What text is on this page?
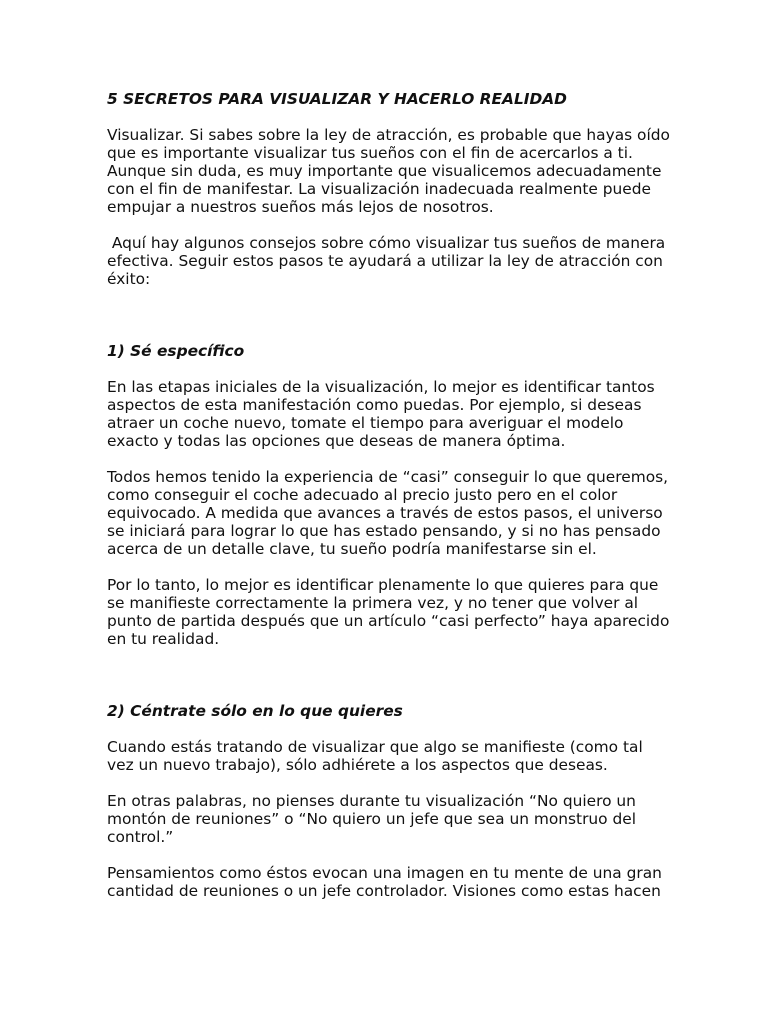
5 SECRETOS PARA VISUALIZAR Y HACERLO REALIDAD

Visualizar. Si sabes sobre la ley de atracción, es probable que hayas oído
que es importante visualizar tus sueños con el fin de acercarlos a ti.
Aunque sin duda, es muy importante que visualicemos adecuadamente
con el fin de manifestar. La visualización inadecuada realmente puede
empujar a nuestros sueños más lejos de nosotros.

Aquí hay algunos consejos sobre cómo visualizar tus sueños de manera
efectiva. Seguir estos pasos te ayudará a utilizar la ley de atracción con
éxito:

1) Sé específico

En las etapas iniciales de la visualización, lo mejor es identificar tantos
aspectos de esta manifestación como puedas. Por ejemplo, si deseas
atraer un coche nuevo, tomate el tiempo para averiguar el modelo
exacto y todas las opciones que deseas de manera óptima.

Todos hemos tenido la experiencia de “casi” conseguir lo que queremos,
como conseguir el coche adecuado al precio justo pero en el color
equivocado. A medida que avances a través de estos pasos, el universo
se iniciará para lograr lo que has estado pensando, y si no has pensado
acerca de un detalle clave, tu sueño podría manifestarse sin el.

Por lo tanto, lo mejor es identificar plenamente lo que quieres para que
se manifieste correctamente la primera vez, y no tener que volver al
punto de partida después que un artículo “casi perfecto” haya aparecido
en tu realidad.

2) Céntrate sólo en lo que quieres

Cuando estás tratando de visualizar que algo se manifieste (como tal
vez un nuevo trabajo), sólo adhiérete a los aspectos que deseas.

En otras palabras, no pienses durante tu visualización “No quiero un
montón de reuniones” o “No quiero un jefe que sea un monstruo del
control.”

Pensamientos como éstos evocan una imagen en tu mente de una gran
cantidad de reuniones o un jefe controlador. Visiones como estas hacen
